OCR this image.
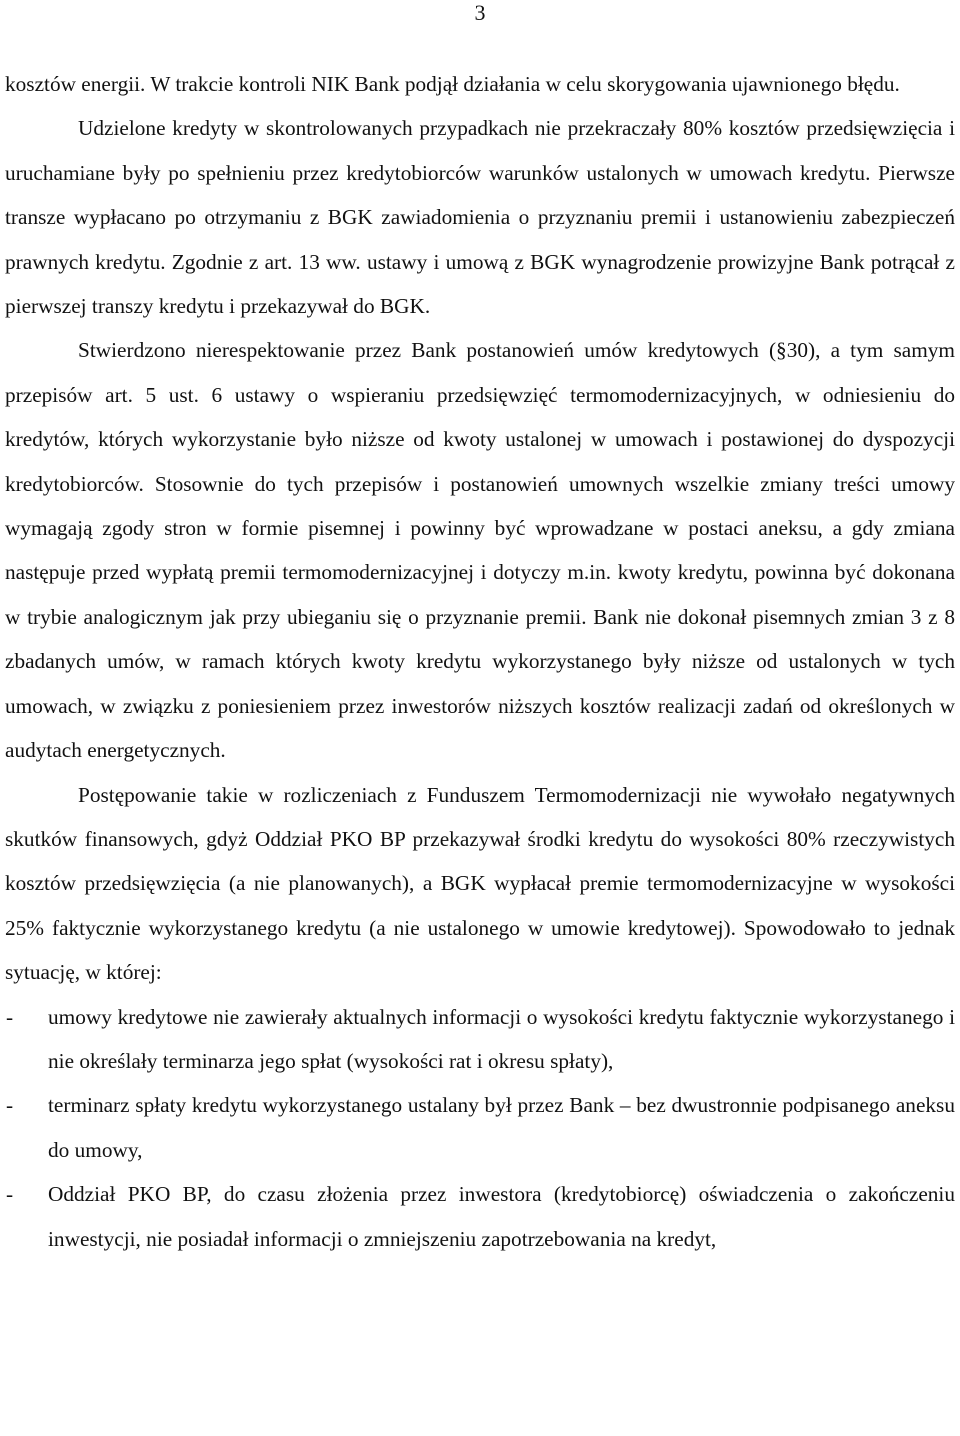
3

kosztów energii. W trakcie kontroli NIK Bank podjął działania w celu skorygowania ujawnionego błędu.

Udzielone kredyty w skontrolowanych przypadkach nie przekraczały 80% kosztów przedsięwzięcia i uruchamiane były po spełnieniu przez kredytobiorców warunków ustalonych w umowach kredytu. Pierwsze transze wypłacano po otrzymaniu z BGK zawiadomienia o przyznaniu premii i ustanowieniu zabezpieczeń prawnych kredytu. Zgodnie z art. 13 ww. ustawy i umową z BGK wynagrodzenie prowizyjne Bank potrącał z pierwszej transzy kredytu i przekazywał do BGK.

Stwierdzono nierespektowanie przez Bank postanowień umów kredytowych (§30), a tym samym przepisów art. 5 ust. 6 ustawy o wspieraniu przedsięwzięć termomodernizacyjnych, w odniesieniu do kredytów, których wykorzystanie było niższe od kwoty ustalonej w umowach i postawionej do dyspozycji kredytobiorców. Stosownie do tych przepisów i postanowień umownych wszelkie zmiany treści umowy wymagają zgody stron w formie pisemnej i powinny być wprowadzane w postaci aneksu, a gdy zmiana następuje przed wypłatą premii termomodernizacyjnej i dotyczy m.in. kwoty kredytu, powinna być dokonana w trybie analogicznym jak przy ubieganiu się o przyznanie premii. Bank nie dokonał pisemnych zmian 3 z 8 zbadanych umów, w ramach których kwoty kredytu wykorzystanego były niższe od ustalonych w tych umowach, w związku z poniesieniem przez inwestorów niższych kosztów realizacji zadań od określonych w audytach energetycznych.

Postępowanie takie w rozliczeniach z Funduszem Termomodernizacji nie wywołało negatywnych skutków finansowych, gdyż Oddział PKO BP przekazywał środki kredytu do wysokości 80% rzeczywistych kosztów przedsięwzięcia (a nie planowanych), a BGK wypłacał premie termomodernizacyjne w wysokości 25% faktycznie wykorzystanego kredytu (a nie ustalonego w umowie kredytowej). Spowodowało to jednak sytuację, w której:

- umowy kredytowe nie zawierały aktualnych informacji o wysokości kredytu faktycznie wykorzystanego i nie określały terminarza jego spłat (wysokości rat i okresu spłaty),
- terminarz spłaty kredytu wykorzystanego ustalany był przez Bank – bez dwustronnie podpisanego aneksu do umowy,
- Oddział PKO BP, do czasu złożenia przez inwestora (kredytobiorcę) oświadczenia o zakończeniu inwestycji, nie posiadał informacji o zmniejszeniu zapotrzebowania na kredyt,
